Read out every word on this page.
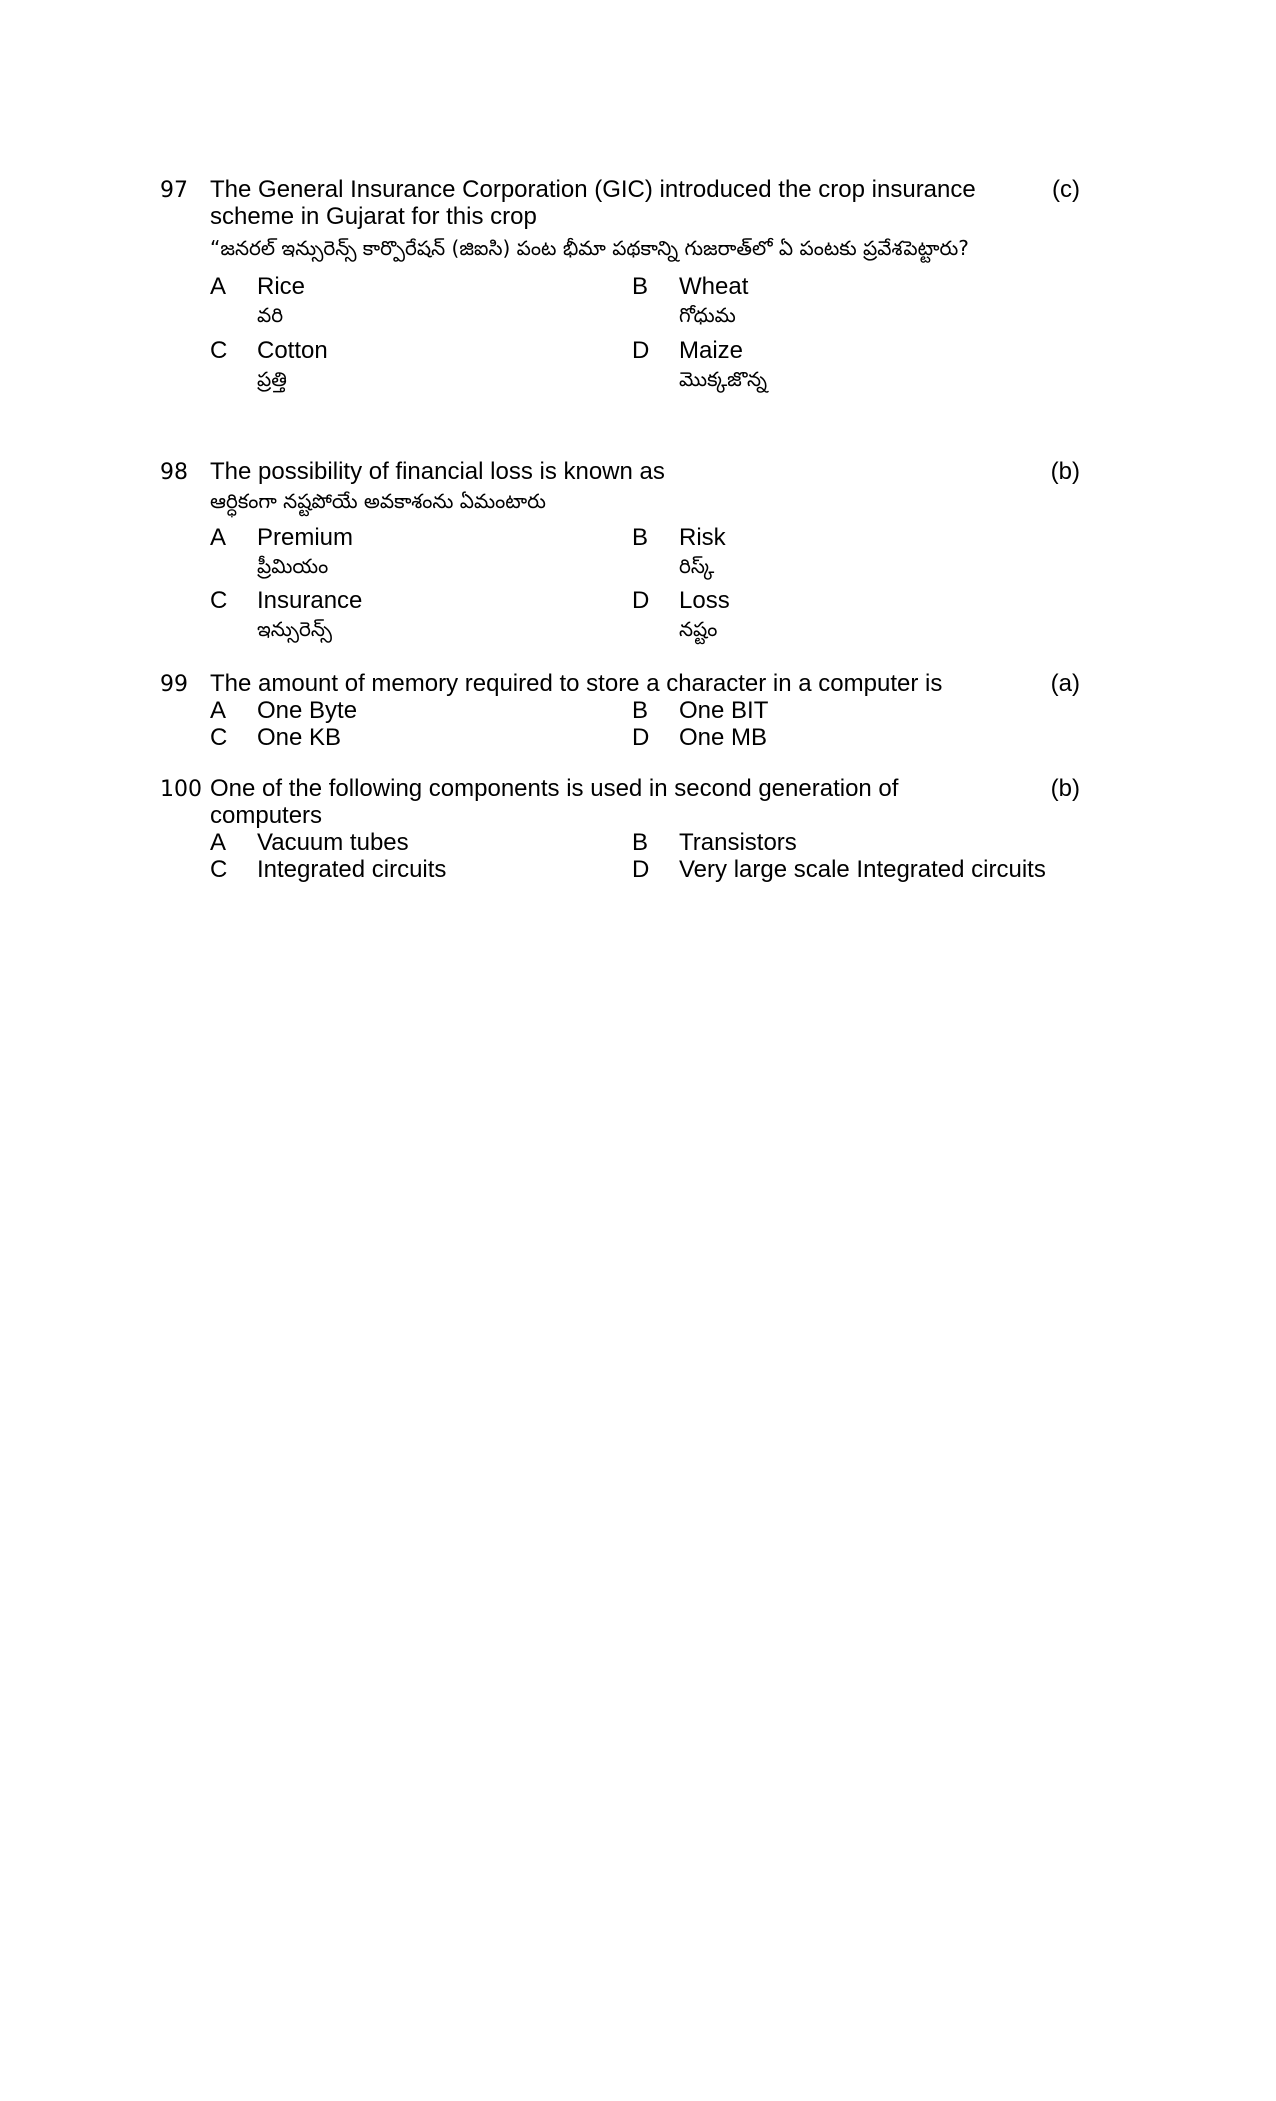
97 The General Insurance Corporation (GIC) introduced the crop insurance scheme in Gujarat for this crop
“జనరల్ ఇన్సురెన్స్ కార్పొరేషన్ (జిఐసి) పంట భీమా పథకాన్ని గుజరాత్‌లో ఏ పంటకు ప్రవేశపెట్టారు?
A Rice
వరి
B Wheat
గోధుమ
C Cotton
ప్రత్తి
D Maize
మొక్కజొన్న
(c)
98 The possibility of financial loss is known as
ఆర్ధికంగా నష్టపోయే అవకాశంను ఏమంటారు
A Premium
ప్రీమియం
B Risk
రిస్క్
C Insurance
ఇన్సురెన్స్
D Loss
నష్టం
(b)
99 The amount of memory required to store a character in a computer is
A One Byte	B One BIT
C One KB	D One MB
(a)
100 One of the following components is used in second generation of computers
A Vacuum tubes	B Transistors
C Integrated circuits	D Very large scale Integrated circuits
(b)
